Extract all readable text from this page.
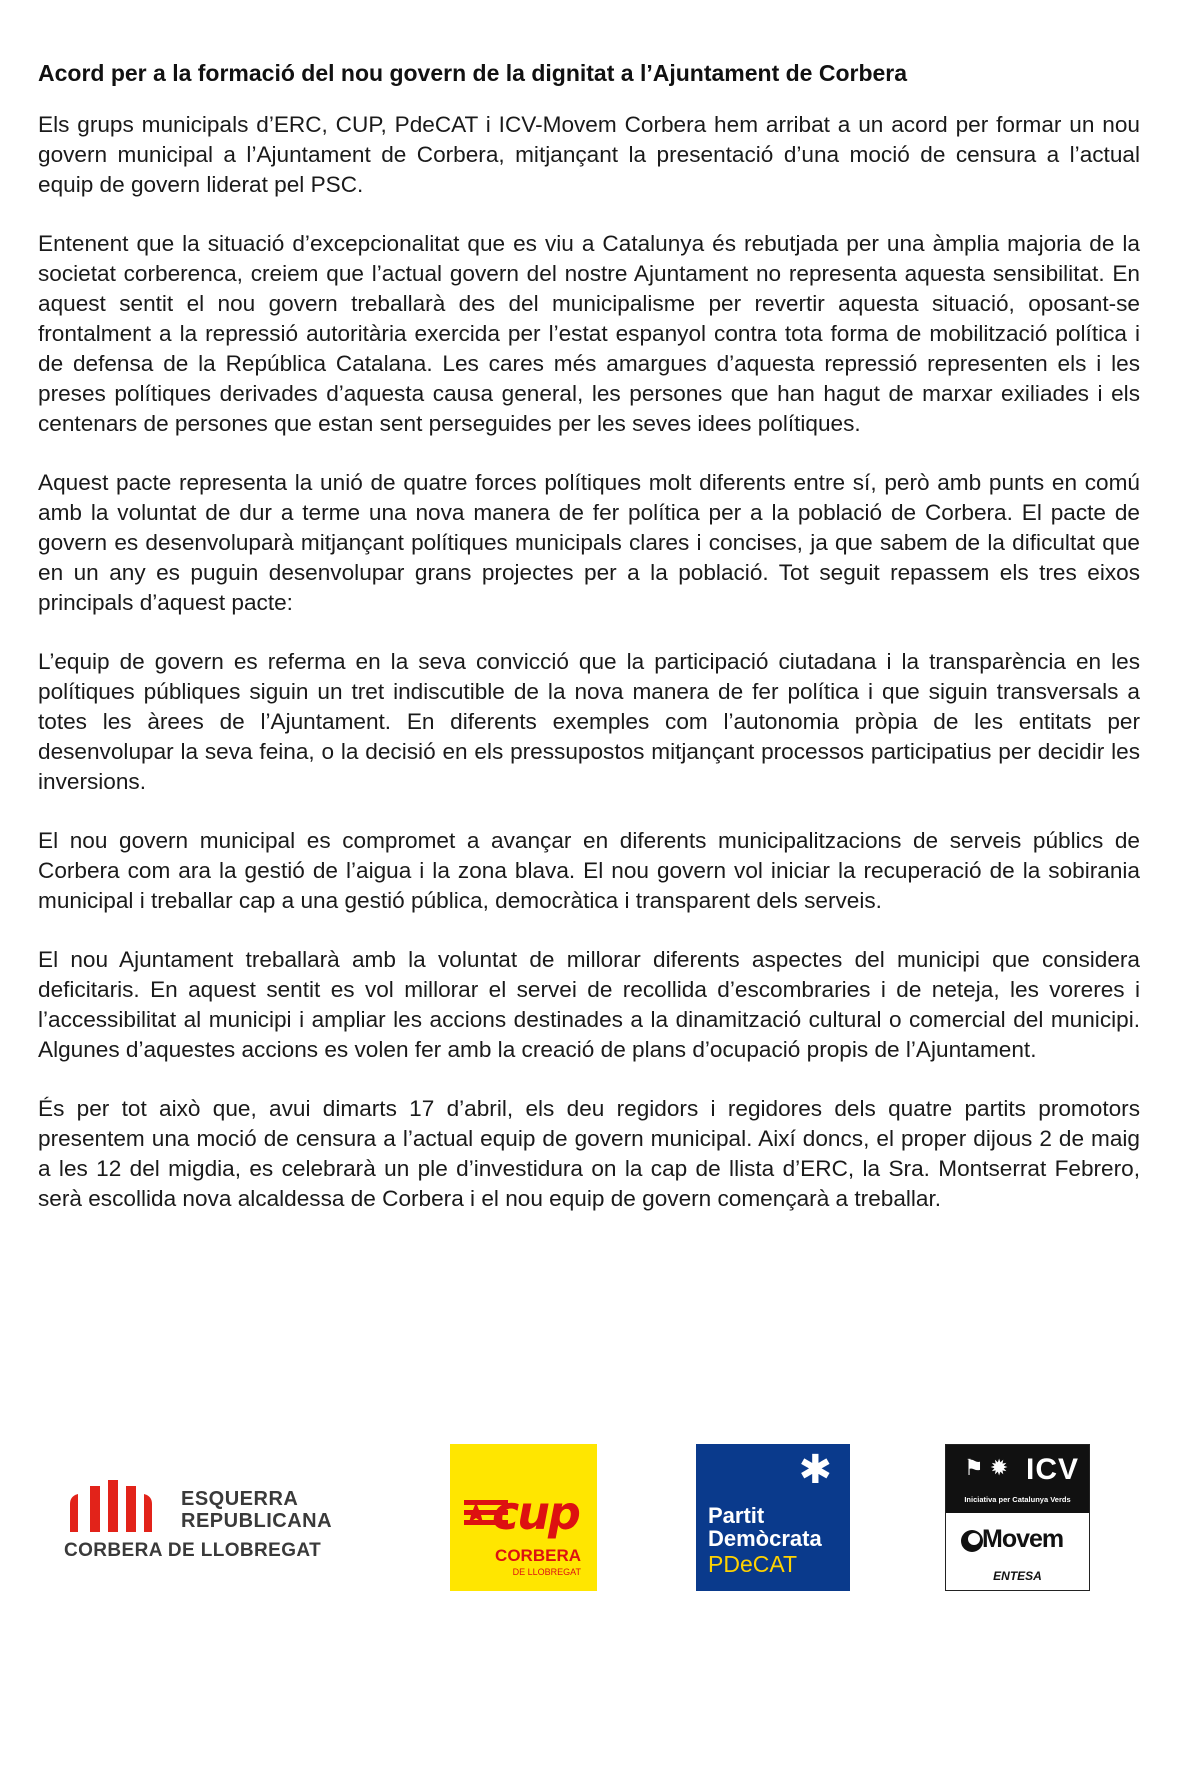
Acord per a la formació del nou govern de la dignitat a l’Ajuntament de Corbera

Els grups municipals d’ERC, CUP, PdeCAT i ICV-Movem Corbera hem arribat a un acord per formar un nou govern municipal a l’Ajuntament de Corbera, mitjançant la presentació d’una moció de censura a l’actual equip de govern liderat pel PSC.

Entenent que la situació d’excepcionalitat que es viu a Catalunya és rebutjada per una àmplia majoria de la societat corberenca, creiem que l’actual govern del nostre Ajuntament no representa aquesta sensibilitat. En aquest sentit el nou govern treballarà des del municipalisme per revertir aquesta situació, oposant-se frontalment a la repressió autoritària exercida per l’estat espanyol contra tota forma de mobilització política i de defensa de la República Catalana. Les cares més amargues d’aquesta repressió representen els i les preses polítiques derivades d’aquesta causa general, les persones que han hagut de marxar exiliades i els centenars de persones que estan sent perseguides per les seves idees polítiques.

Aquest pacte representa la unió de quatre forces polítiques molt diferents entre sí, però amb punts en comú amb la voluntat de dur a terme una nova manera de fer política per a la població de Corbera. El pacte de govern es desenvoluparà mitjançant polítiques municipals clares i concises, ja que sabem de la dificultat que en un any es puguin desenvolupar grans projectes per a la població. Tot seguit repassem els tres eixos principals d’aquest pacte:

L’equip de govern es referma en la seva convicció que la participació ciutadana i la transparència en les polítiques públiques siguin un tret indiscutible de la nova manera de fer política i que siguin transversals a totes les àrees de l’Ajuntament. En diferents exemples com l’autonomia pròpia de les entitats per desenvolupar la seva feina, o la decisió en els pressupostos mitjançant processos participatius per decidir les inversions.

El nou govern municipal es compromet a avançar en diferents municipalitzacions de serveis públics de Corbera com ara la gestió de l’aigua i la zona blava. El nou govern vol iniciar la recuperació de la sobirania municipal i treballar cap a una gestió pública, democràtica i transparent dels serveis.

El nou Ajuntament treballarà amb la voluntat de millorar diferents aspectes del municipi que considera deficitaris. En aquest sentit es vol millorar el servei de recollida d’escombraries i de neteja, les voreres i l’accessibilitat al municipi i ampliar les accions destinades a la dinamització cultural o comercial del municipi. Algunes d’aquestes accions es volen fer amb la creació de plans d’ocupació propis de l’Ajuntament.

És per tot això que, avui dimarts 17 d’abril, els deu regidors i regidores dels quatre partits promotors presentem una moció de censura a l’actual equip de govern municipal. Així doncs, el proper dijous 2 de maig a les 12 del migdia, es celebrarà un ple d’investidura on la cap de llista d’ERC, la Sra. Montserrat Febrero, serà escollida nova alcaldessa de Corbera i el nou equip de govern començarà a treballar.

ESQUERRA
REPUBLICANA
CORBERA DE LLOBREGAT
cup
CORBERA
DE LLOBREGAT
✱
Partit
Demòcrata
PDeCAT
⚑ ✹ ICV
Iniciativa per Catalunya Verds
Movem
ENTESA
